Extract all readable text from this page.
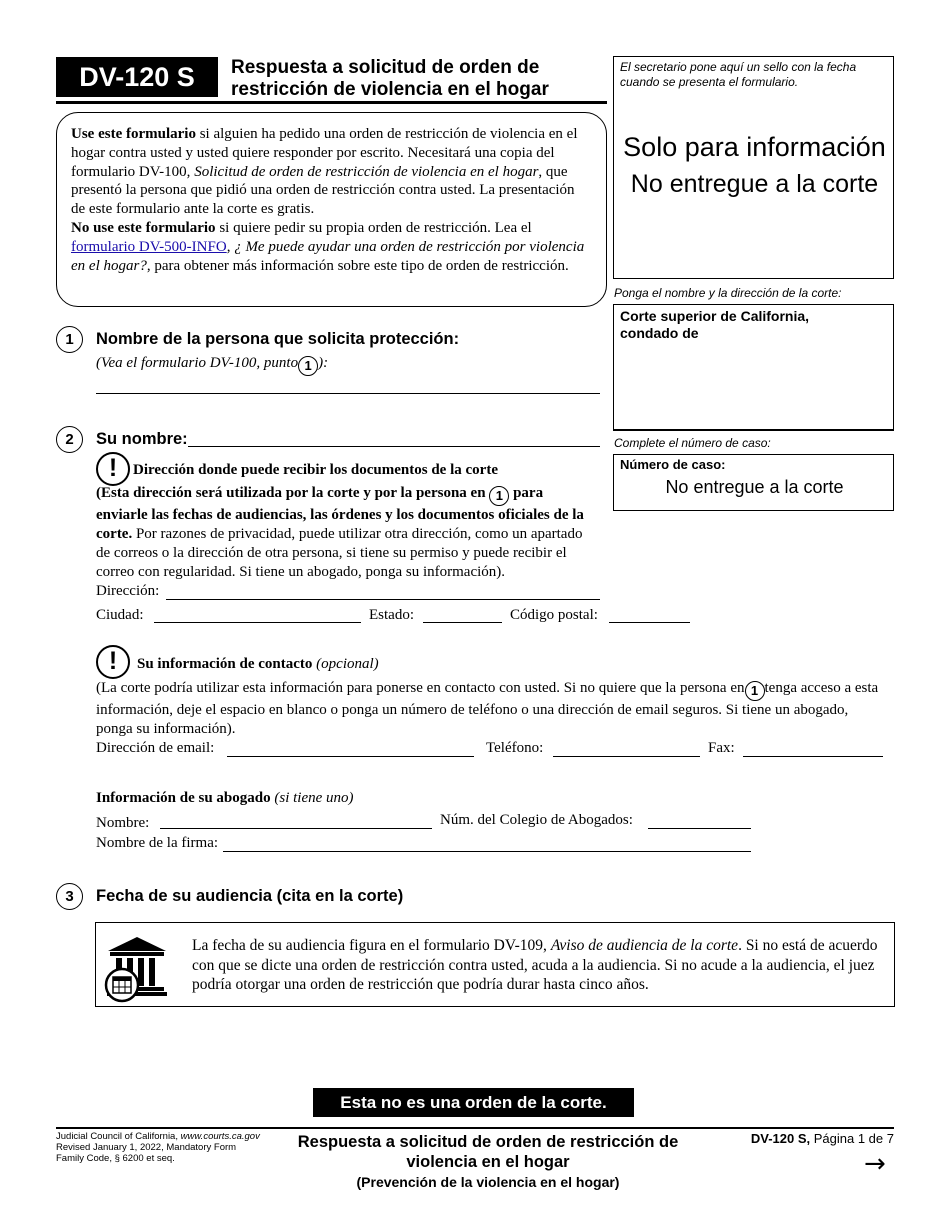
DV-120 S	Respuesta a solicitud de orden de
restricción de violencia en el hogar

Use este formulario si alguien ha pedido una orden de restricción de violencia en el hogar contra usted y usted quiere responder por escrito. Necesitará una copia del formulario DV-100, Solicitud de orden de restricción de violencia en el hogar, que presentó la persona que pidió una orden de restricción contra usted. La presentación de este formulario ante la corte es gratis.

No use este formulario si quiere pedir su propia orden de restricción. Lea el formulario DV-500-INFO, ¿ Me puede ayudar una orden de restricción por violencia en el hogar?, para obtener más información sobre este tipo de orden de restricción.

El secretario pone aquí un sello con la fecha cuando se presenta el formulario.
Solo para información
No entregue a la corte
Ponga el nombre y la dirección de la corte:
Corte superior de California, condado de
Complete el número de caso:
Número de caso:
No entregue a la corte
1	Nombre de la persona que solicita protección:
(Vea el formulario DV-100, punto 1 ):
2	Su nombre:
!	Dirección donde puede recibir los documentos de la corte
(Esta dirección será utilizada por la corte y por la persona en 1 para enviarle las fechas de audiencias, las órdenes y los documentos oficiales de la corte. Por razones de privacidad, puede utilizar otra dirección, como un apartado de correos o la dirección de otra persona, si tiene su permiso y puede recibir el correo con regularidad. Si tiene un abogado, ponga su información).
Dirección:
Ciudad:	Estado:	Código postal:
!	Su información de contacto (opcional)
(La corte podría utilizar esta información para ponerse en contacto con usted. Si no quiere que la persona en 1 tenga acceso a esta información, deje el espacio en blanco o ponga un número de teléfono o una dirección de email seguros. Si tiene un abogado, ponga su información).
Dirección de email:	Teléfono:	Fax:
Información de su abogado (si tiene uno)
Nombre:	Núm. del Colegio de Abogados:
Nombre de la firma:
3	Fecha de su audiencia (cita en la corte)
La fecha de su audiencia figura en el formulario DV-109, Aviso de audiencia de la corte. Si no está de acuerdo con que se dicte una orden de restricción contra usted, acuda a la audiencia. Si no acude a la audiencia, el juez podría otorgar una orden de restricción que podría durar hasta cinco años.
Esta no es una orden de la corte.
Judicial Council of California, www.courts.ca.gov
Revised January 1, 2022, Mandatory Form
Family Code, § 6200 et seq.
Respuesta a solicitud de orden de restricción de
violencia en el hogar
(Prevención de la violencia en el hogar)
DV-120 S, Página 1 de 7
→
